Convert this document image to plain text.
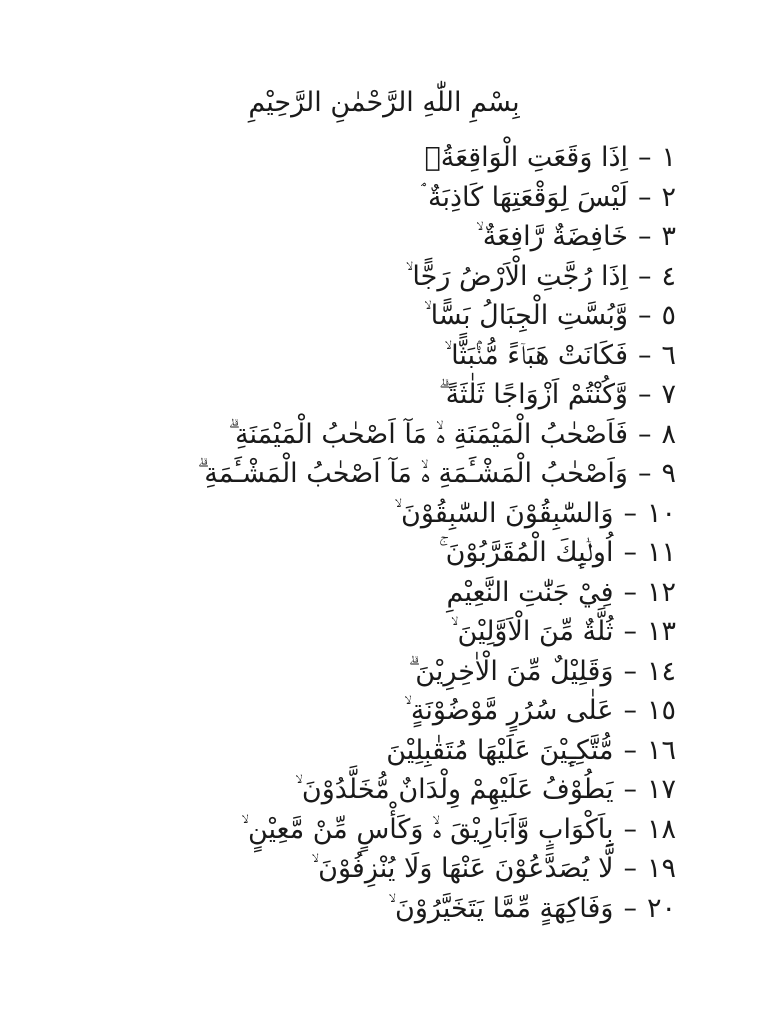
بِسْمِ اللّٰهِ الرَّحْمٰنِ الرَّحِيْمِ
١–اِذَا وَقَعَتِ الْوَاقِعَةُۙ
٢–لَيْسَ لِوَقْعَتِهَا كَاذِبَةٌ ۘ
٣–خَافِضَةٌ رَّافِعَةٌ ۙ
٤–اِذَا رُجَّتِ الْاَرْضُ رَجًّا ۙ
٥–وَّبُسَّتِ الْجِبَالُ بَسًّا ۙ
٦–فَكَانَتْ هَبَاۤءً مُّنْۢبَثًّا ۙ
٧–وَّكُنْتُمْ اَزْوَاجًا ثَلٰثَةً ۗ
٨–فَاَصْحٰبُ الْمَيْمَنَةِ ەۙ مَآ اَصْحٰبُ الْمَيْمَنَةِ ۗ
٩–وَاَصْحٰبُ الْمَشْـَٔمَةِ ەۙ مَآ اَصْحٰبُ الْمَشْـَٔمَةِ ۗ
١٠–وَالسّٰبِقُوْنَ السّٰبِقُوْنَ ۙ
١١–اُولٰۤىِٕكَ الْمُقَرَّبُوْنَ ۚ
١٢–فِيْ جَنّٰتِ النَّعِيْمِ
١٣–ثُلَّةٌ مِّنَ الْاَوَّلِيْنَ ۙ
١٤–وَقَلِيْلٌ مِّنَ الْاٰخِرِيْنَ ۗ
١٥–عَلٰى سُرُرٍ مَّوْضُوْنَةٍ ۙ
١٦–مُّتَّكِـِٕيْنَ عَلَيْهَا مُتَقٰبِلِيْنَ
١٧–يَطُوْفُ عَلَيْهِمْ وِلْدَانٌ مُّخَلَّدُوْنَ ۙ
١٨–بِاَكْوَابٍ وَّاَبَارِيْقَ ەۙ وَكَأْسٍ مِّنْ مَّعِيْنٍ ۙ
١٩–لَّا يُصَدَّعُوْنَ عَنْهَا وَلَا يُنْزِفُوْنَ ۙ
٢٠–وَفَاكِهَةٍ مِّمَّا يَتَخَيَّرُوْنَ ۙ
